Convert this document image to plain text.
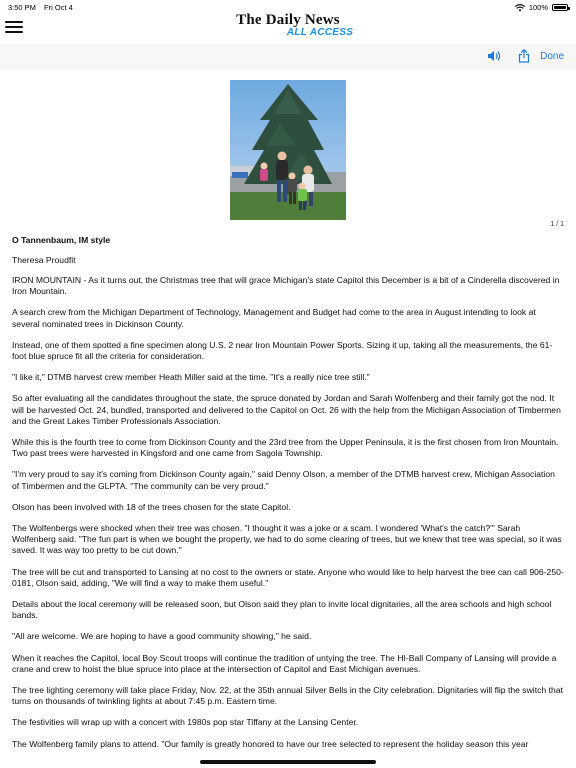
3:50 PM Fri Oct 4	100%
The Daily News
ALL ACCESS
Done
1 / 1
O Tannenbaum, IM style
Theresa Proudfit

IRON MOUNTAIN - As it turns out, the Christmas tree that will grace Michigan's state Capitol this December is a bit of a Cinderella discovered in Iron Mountain.

A search crew from the Michigan Department of Technology, Management and Budget had come to the area in August intending to look at several nominated trees in Dickinson County.

Instead, one of them spotted a fine specimen along U.S. 2 near Iron Mountain Power Sports. Sizing it up, taking all the measurements, the 61-foot blue spruce fit all the criteria for consideration.

"I like it," DTMB harvest crew member Heath Miller said at the time. "It's a really nice tree still."

So after evaluating all the candidates throughout the state, the spruce donated by Jordan and Sarah Wolfenberg and their family got the nod. It will be harvested Oct. 24, bundled, transported and delivered to the Capitol on Oct. 26 with the help from the Michigan Association of Timbermen and the Great Lakes Timber Professionals Association.

While this is the fourth tree to come from Dickinson County and the 23rd tree from the Upper Peninsula, it is the first chosen from Iron Mountain. Two past trees were harvested in Kingsford and one came from Sagola Township.

"I'm very proud to say it's coming from Dickinson County again," said Denny Olson, a member of the DTMB harvest crew, Michigan Association of Timbermen and the GLPTA. "The community can be very proud."

Olson has been involved with 18 of the trees chosen for the state Capitol.

The Wolfenbergs were shocked when their tree was chosen. "I thought it was a joke or a scam. I wondered 'What's the catch?'" Sarah Wolfenberg said. "The fun part is when we bought the property, we had to do some clearing of trees, but we knew that tree was special, so it was saved. It was way too pretty to be cut down."

The tree will be cut and transported to Lansing at no cost to the owners or state. Anyone who would like to help harvest the tree can call 906-250-0181, Olson said, adding, "We will find a way to make them useful."

Details about the local ceremony will be released soon, but Olson said they plan to invite local dignitaries, all the area schools and high school bands.

"All are welcome. We are hoping to have a good community showing," he said.

When it reaches the Capitol, local Boy Scout troops will continue the tradition of untying the tree. The HI-Ball Company of Lansing will provide a crane and crew to hoist the blue spruce into place at the intersection of Capitol and East Michigan avenues.

The tree lighting ceremony will take place Friday, Nov. 22, at the 35th annual Silver Bells in the City celebration. Dignitaries will flip the switch that turns on thousands of twinkling lights at about 7:45 p.m. Eastern time.

The festivities will wrap up with a concert with 1980s pop star Tiffany at the Lansing Center.

The Wolfenberg family plans to attend. "Our family is greatly honored to have our tree selected to represent the holiday season this year
